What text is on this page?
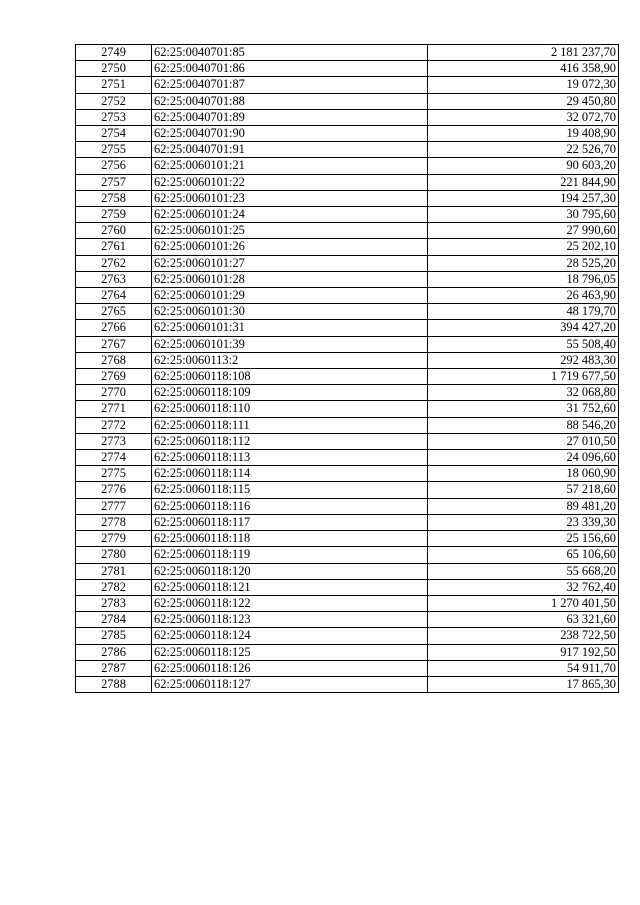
2749	62:25:0040701:85	2 181 237,70
2750	62:25:0040701:86	416 358,90
2751	62:25:0040701:87	19 072,30
2752	62:25:0040701:88	29 450,80
2753	62:25:0040701:89	32 072,70
2754	62:25:0040701:90	19 408,90
2755	62:25:0040701:91	22 526,70
2756	62:25:0060101:21	90 603,20
2757	62:25:0060101:22	221 844,90
2758	62:25:0060101:23	194 257,30
2759	62:25:0060101:24	30 795,60
2760	62:25:0060101:25	27 990,60
2761	62:25:0060101:26	25 202,10
2762	62:25:0060101:27	28 525,20
2763	62:25:0060101:28	18 796,05
2764	62:25:0060101:29	26 463,90
2765	62:25:0060101:30	48 179,70
2766	62:25:0060101:31	394 427,20
2767	62:25:0060101:39	55 508,40
2768	62:25:0060113:2	292 483,30
2769	62:25:0060118:108	1 719 677,50
2770	62:25:0060118:109	32 068,80
2771	62:25:0060118:110	31 752,60
2772	62:25:0060118:111	88 546,20
2773	62:25:0060118:112	27 010,50
2774	62:25:0060118:113	24 096,60
2775	62:25:0060118:114	18 060,90
2776	62:25:0060118:115	57 218,60
2777	62:25:0060118:116	89 481,20
2778	62:25:0060118:117	23 339,30
2779	62:25:0060118:118	25 156,60
2780	62:25:0060118:119	65 106,60
2781	62:25:0060118:120	55 668,20
2782	62:25:0060118:121	32 762,40
2783	62:25:0060118:122	1 270 401,50
2784	62:25:0060118:123	63 321,60
2785	62:25:0060118:124	238 722,50
2786	62:25:0060118:125	917 192,50
2787	62:25:0060118:126	54 911,70
2788	62:25:0060118:127	17 865,30
